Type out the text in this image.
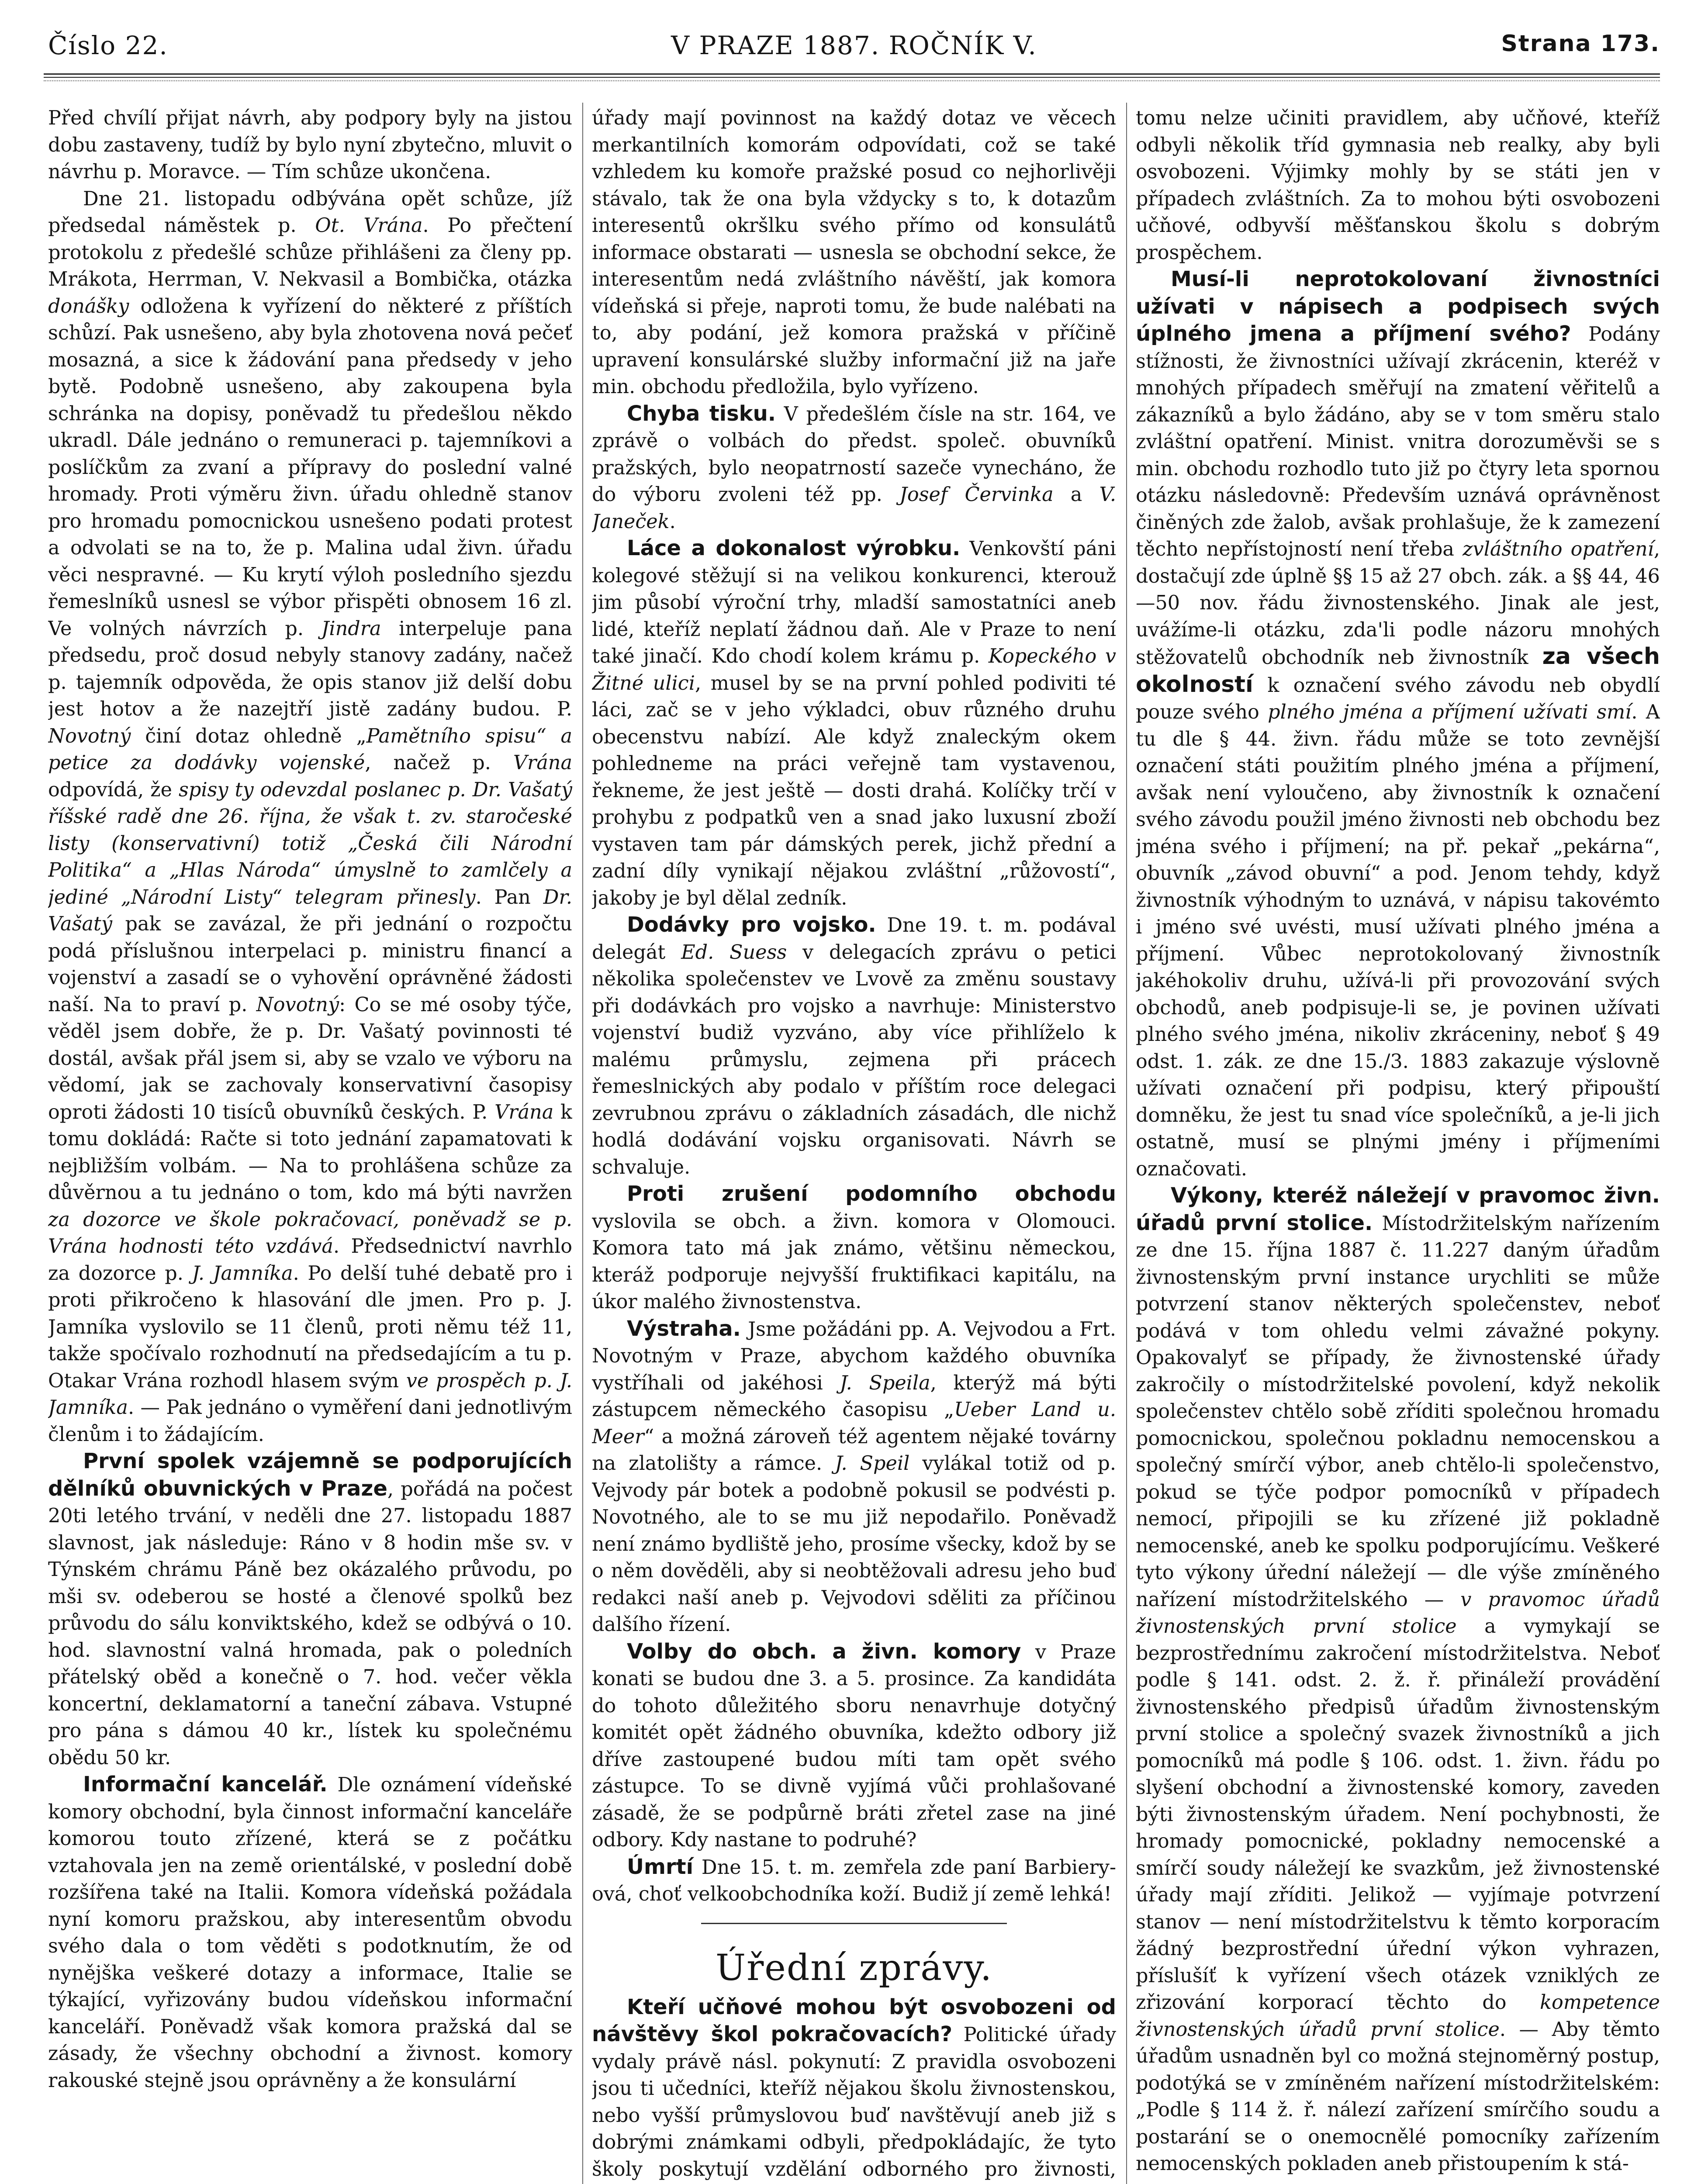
Číslo 22.	V PRAZE 1887. ROČNÍK V.	Strana 173.

Před chvílí přijat návrh, aby podpory byly na jistou dobu zastaveny, tudíž by bylo nyní zbytečno, mluvit o návrhu p. Moravce. — Tím schůze ukončena.

Dne 21. listopadu odbývána opět schůze, jíž předsedal náměstek p. Ot. Vrána. Po přečtení protokolu z předešlé schůze přihlášeni za členy pp. Mrákota, Herrman, V. Nekvasil a Bombička, otázka donášky odložena k vyřízení do některé z příštích schůzí. Pak usnešeno, aby byla zhotovena nová pečeť mosazná, a sice k žádování pana předsedy v jeho bytě. Podobně usnešeno, aby zakoupena byla schránka na dopisy, poněvadž tu předešlou někdo ukradl. Dále jednáno o remuneraci p. tajemníkovi a poslíčkům za zvaní a přípravy do poslední valné hromady. Proti výměru živn. úřadu ohledně stanov pro hromadu pomocnickou usnešeno podati protest a odvolati se na to, že p. Malina udal živn. úřadu věci nespravné. — Ku krytí výloh posledního sjezdu řemeslníků usnesl se výbor přispěti obnosem 16 zl. Ve volných návrzích p. Jindra interpeluje pana předsedu, proč dosud nebyly stanovy zadány, načež p. tajemník odpověda, že opis stanov již delší dobu jest hotov a že nazejtří jistě zadány budou. P. Novotný činí dotaz ohledně „Pamětního spisu“ a petice za dodávky vojenské, načež p. Vrána odpovídá, že spisy ty odevzdal poslanec p. Dr. Vašatý říšské radě dne 26. října, že však t. zv. staročeské listy (konservativní) totiž „Česká čili Národní Politika“ a „Hlas Národa“ úmyslně to zamlčely a jediné „Národní Listy“ telegram přinesly. Pan Dr. Vašatý pak se zavázal, že při jednání o rozpočtu podá příslušnou interpelaci p. ministru financí a vojenství a zasadí se o vyhovění oprávněné žádosti naší. Na to praví p. Novotný: Co se mé osoby týče, věděl jsem dobře, že p. Dr. Vašatý povinnosti té dostál, avšak přál jsem si, aby se vzalo ve výboru na vědomí, jak se zachovaly konservativní časopisy oproti žádosti 10 tisíců obuvníků českých. P. Vrána k tomu dokládá: Račte si toto jednání zapamatovati k nejbližším volbám. — Na to prohlášena schůze za důvěrnou a tu jednáno o tom, kdo má býti navržen za dozorce ve škole pokračovací, poněvadž se p. Vrána hodnosti této vzdává. Předsednictví navrhlo za dozorce p. J. Jamníka. Po delší tuhé debatě pro i proti přikročeno k hlasování dle jmen. Pro p. J. Jamníka vyslovilo se 11 členů, proti němu též 11, takže spočívalo rozhodnutí na předsedajícím a tu p. Otakar Vrána rozhodl hlasem svým ve prospěch p. J. Jamníka. — Pak jednáno o vyměření dani jednotlivým členům i to žádajícím.

První spolek vzájemně se podporujících dělníků obuvnických v Praze, pořádá na počest 20ti letého trvání, v neděli dne 27. listopadu 1887 slavnost, jak následuje: Ráno v 8 hodin mše sv. v Týnském chrámu Páně bez okázalého průvodu, po mši sv. odeberou se hosté a členové spolků bez průvodu do sálu konviktského, kdež se odbývá o 10. hod. slavnostní valná hromada, pak o poledních přátelský oběd a konečně o 7. hod. večer věkla koncertní, deklamatorní a taneční zábava. Vstupné pro pána s dámou 40 kr., lístek ku společnému obědu 50 kr.

Informační kancelář. Dle oznámení vídeňské komory obchodní, byla činnost informační kanceláře komorou toutо zřízené, která se z počátku vztahovala jen na země orientálské, v poslední době rozšířena také na Italii. Komora vídeňská požádala nyní komoru pražskou, aby interesentům obvodu svého dala o tom věděti s podotknutím, že od nynějška veškeré dotazy a informace, Italie se týkající, vyřizovány budou vídeňskou informační kanceláří. Poněvadž však komora pražská dal se zásady, že všechny obchodní a živnost. komory rakouské stejně jsou oprávněny a že konsulární

úřady mají povinnost na každý dotaz ve věcech merkantilních komorám odpovídati, což se také vzhledem ku komoře pražské posud co nejhorlivěji stávalo, tak že ona byla vždycky s to, k dotazům interesentů okršlku svého přímo od konsulátů informace obstarati — usnesla se obchodní sekce, že interesentům nedá zvláštního návěští, jak komora vídeňská si přeje, naproti tomu, že bude nalébati na to, aby podání, jež komora pražská v příčině upravení konsulárské služby informační již na jaře min. obchodu předložila, bylo vyřízeno.

Chyba tisku. V předešlém čísle na str. 164, ve zprávě o volbách do předst. společ. obuvníků pražských, bylo neopatrností sazeče vynecháno, že do výboru zvoleni též pp. Josef Červinka a V. Janeček.

Láce a dokonalost výrobku. Venkovští páni kolegové stěžují si na velikou konkurenci, kterouž jim působí výroční trhy, mladší samostatníci aneb lidé, kteříž neplatí žádnou daň. Ale v Praze to není také jinačí. Kdo chodí kolem krámu p. Kopeckého v Žitné ulici, musel by se na první pohled podiviti té láci, zač se v jeho výkladci, obuv různého druhu obecenstvu nabízí. Ale když znaleckým okem pohledneme na práci veřejně tam vystavenou, řekneme, že jest ještě — dosti drahá. Kolíčky trčí v prohybu z podpatků ven a snad jako luxusní zboží vystaven tam pár dámských perek, jichž přední a zadní díly vynikají nějakou zvláštní „růžovostí“, jakoby je byl dělal zedník.

Dodávky pro vojsko. Dne 19. t. m. podával delegát Ed. Suess v delegacích zprávu o petici několika společenstev ve Lvově za změnu soustavy při dodávkách pro vojsko a navrhuje: Ministerstvo vojenství budiž vyzváno, aby více přihlíželo k malému průmyslu, zejmena při prácech řemeslnických aby podalo v příštím roce delegaci zevrubnou zprávu o základních zásadách, dle nichž hodlá dodávání vojsku organisovati. Návrh se schvaluje.

Proti zrušení podomního obchodu vyslovila se obch. a živn. komora v Olomouci. Komora tato má jak známo, většinu německou, kteráž podporuje nejvyšší fruktifikaci kapitálu, na úkor malého živnostenstva.

Výstraha. Jsme požádáni pp. A. Vejvodou a Frt. Novotným v Praze, abychom každého obuvníka vystříhali od jakéhosi J. Speila, kterýž má býti zástupcem německého časopisu „Ueber Land u. Meer“ a možná zároveň též agentem nějaké továrny na zlatolišty a rámce. J. Speil vylákal totiž od p. Vejvody pár botek a podobně pokusil se podvésti p. Novotného, ale to se mu již nepodařilo. Poněvadž není známo bydliště jeho, prosíme všecky, kdož by se o něm dověděli, aby si neobtěžovali adresu jeho buď redakci naší aneb p. Vejvodovi sděliti za příčinou dalšího řízení.

Volby do obch. a živn. komory v Praze konati se budou dne 3. a 5. prosince. Za kandidáta do tohoto důležitého sboru nenavrhuje dotyčný komitét opět žádného obuvníka, kdežto odbory již dříve zastoupené budou míti tam opět svého zástupce. To se divně vyjímá vůči prohlašované zásadě, že se podpůrně bráti zřetel zase na jiné odbory. Kdy nastane to podruhé?

Úmrtí Dne 15. t. m. zemřela zde paní Barbiery-ová, choť velkoobchodníka koží. Budiž jí země lehká!

Úřední zprávy.

Kteří učňové mohou být osvobozeni od návštěvy škol pokračovacích? Politické úřady vydaly právě násl. pokynutí: Z pravidla osvobozeni jsou ti učedníci, kteříž nějakou školu živnostenskou, nebo vyšší průmyslovou buď navštěvují aneb již s dobrými známkami odbyli, předpokládajíc, že tyto školy poskytují vzdělání odborného pro živnosti,

tomu nelze učiniti pravidlem, aby učňové, kteříž odbyli několik tříd gymnasia neb realky, aby byli osvobozeni. Výjimky mohly by se státi jen v případech zvláštních. Za to mohou býti osvobozeni učňové, odbyvší měšťanskou školu s dobrým prospěchem.

Musí-li neprotokolovaní živnostníci užívati v nápisech a podpisech svých úplného jmena a příjmení svého? Podány stížnosti, že živnostníci užívají zkrácenin, kteréž v mnohých případech směřují na zmatení věřitelů a zákazníků a bylo žádáno, aby se v tom směru stalo zvláštní opatření. Minist. vnitra dorozuměvši se s min. obchodu rozhodlo tuto již po čtyry leta spornou otázku následovně: Především uznává oprávněnost činěných zde žalob, avšak prohlašuje, že k zamezení těchto nepřístojností není třeba zvláštního opatření, dostačují zde úplně §§ 15 až 27 obch. zák. a §§ 44, 46—50 nov. řádu živnostenského. Jinak ale jest, uvážíme-li otázku, zda'li podle názoru mnohých stěžovatelů obchodník neb živnostník za všech okolností k označení svého závodu neb obydlí pouze svého plného jména a příjmení užívati smí. A tu dle § 44. živn. řádu může se toto zevnější označení státi použitím plného jména a příjmení, avšak není vyloučeno, aby živnostník k označení svého závodu použil jméno živnosti neb obchodu bez jména svého i příjmení; na př. pekař „pekárna“, obuvník „závod obuvní“ a pod. Jenom tehdy, když živnostník výhodným to uznává, v nápisu takovémto i jméno své uvésti, musí užívati plného jména a příjmení. Vůbec neprotokolovaný živnostník jakéhokoliv druhu, užívá-li při provozování svých obchodů, aneb podpisuje-li se, je povinen užívati plného svého jména, nikoliv zkráceniny, neboť § 49 odst. 1. zák. ze dne 15./3. 1883 zakazuje výslovně užívati označení při podpisu, který připouští domněku, že jest tu snad více společníků, a je-li jich ostatně, musí se plnými jmény i příjmeními označovati.

Výkony, kteréž náležejí v pravomoc živn. úřadů první stolice. Místodržitelským nařízením ze dne 15. října 1887 č. 11.227 daným úřadům živnostenským první instance urychliti se může potvrzení stanov některých společenstev, neboť podává v tom ohledu velmi závažné pokyny. Opakovalyť se případy, že živnostenské úřady zakročily o místodržitelské povolení, když nekolik společenstev chtělo sobě zříditi společnou hromadu pomocnickou, společnou pokladnu nemocenskou a společný smírčí výbor, aneb chtělo-li společenstvo, pokud se týče podpor pomocníků v případech nemocí, připojili se ku zřízené již pokladně nemocenské, aneb ke spolku podporujícímu. Veškeré tyto výkony úřední náležejí — dle výše zmíněného nařízení místodržitelského — v pravomoc úřadů živnostenských první stolice a vymykají se bezprostřednímu zakročení místodržitelstva. Neboť podle § 141. odst. 2. ž. ř. přináleží provádění živnostenského předpisů úřadům živnostenským první stolice a společný svazek živnostníků a jich pomocníků má podle § 106. odst. 1. živn. řádu po slyšení obchodní a živnostenské komory, zaveden býti živnostenským úřadem. Není pochybnosti, že hromady pomocnické, pokladny nemocenské a smírčí soudy náležejí ke svazkům, jež živnostenské úřady mají zříditi. Jelikož — vyjímaje potvrzení stanov — není místodržitelstvu k těmto korporacím žádný bezprostřední úřední výkon vyhrazen, příslušíť k vyřízení všech otázek vzniklých ze zřizování korporací těchto do kompetence živnostenských úřadů první stolice. — Aby těmto úřadům usnadněn byl co možná stejnoměrný postup, podotýká se v zmíněném nařízení místodržitelském: „Podle § 114 ž. ř. nálezí zařízení smírčího soudu a postarání se o onemocnělé pomocníky zařízením nemocenských pokladen aneb přistoupením k stá-
